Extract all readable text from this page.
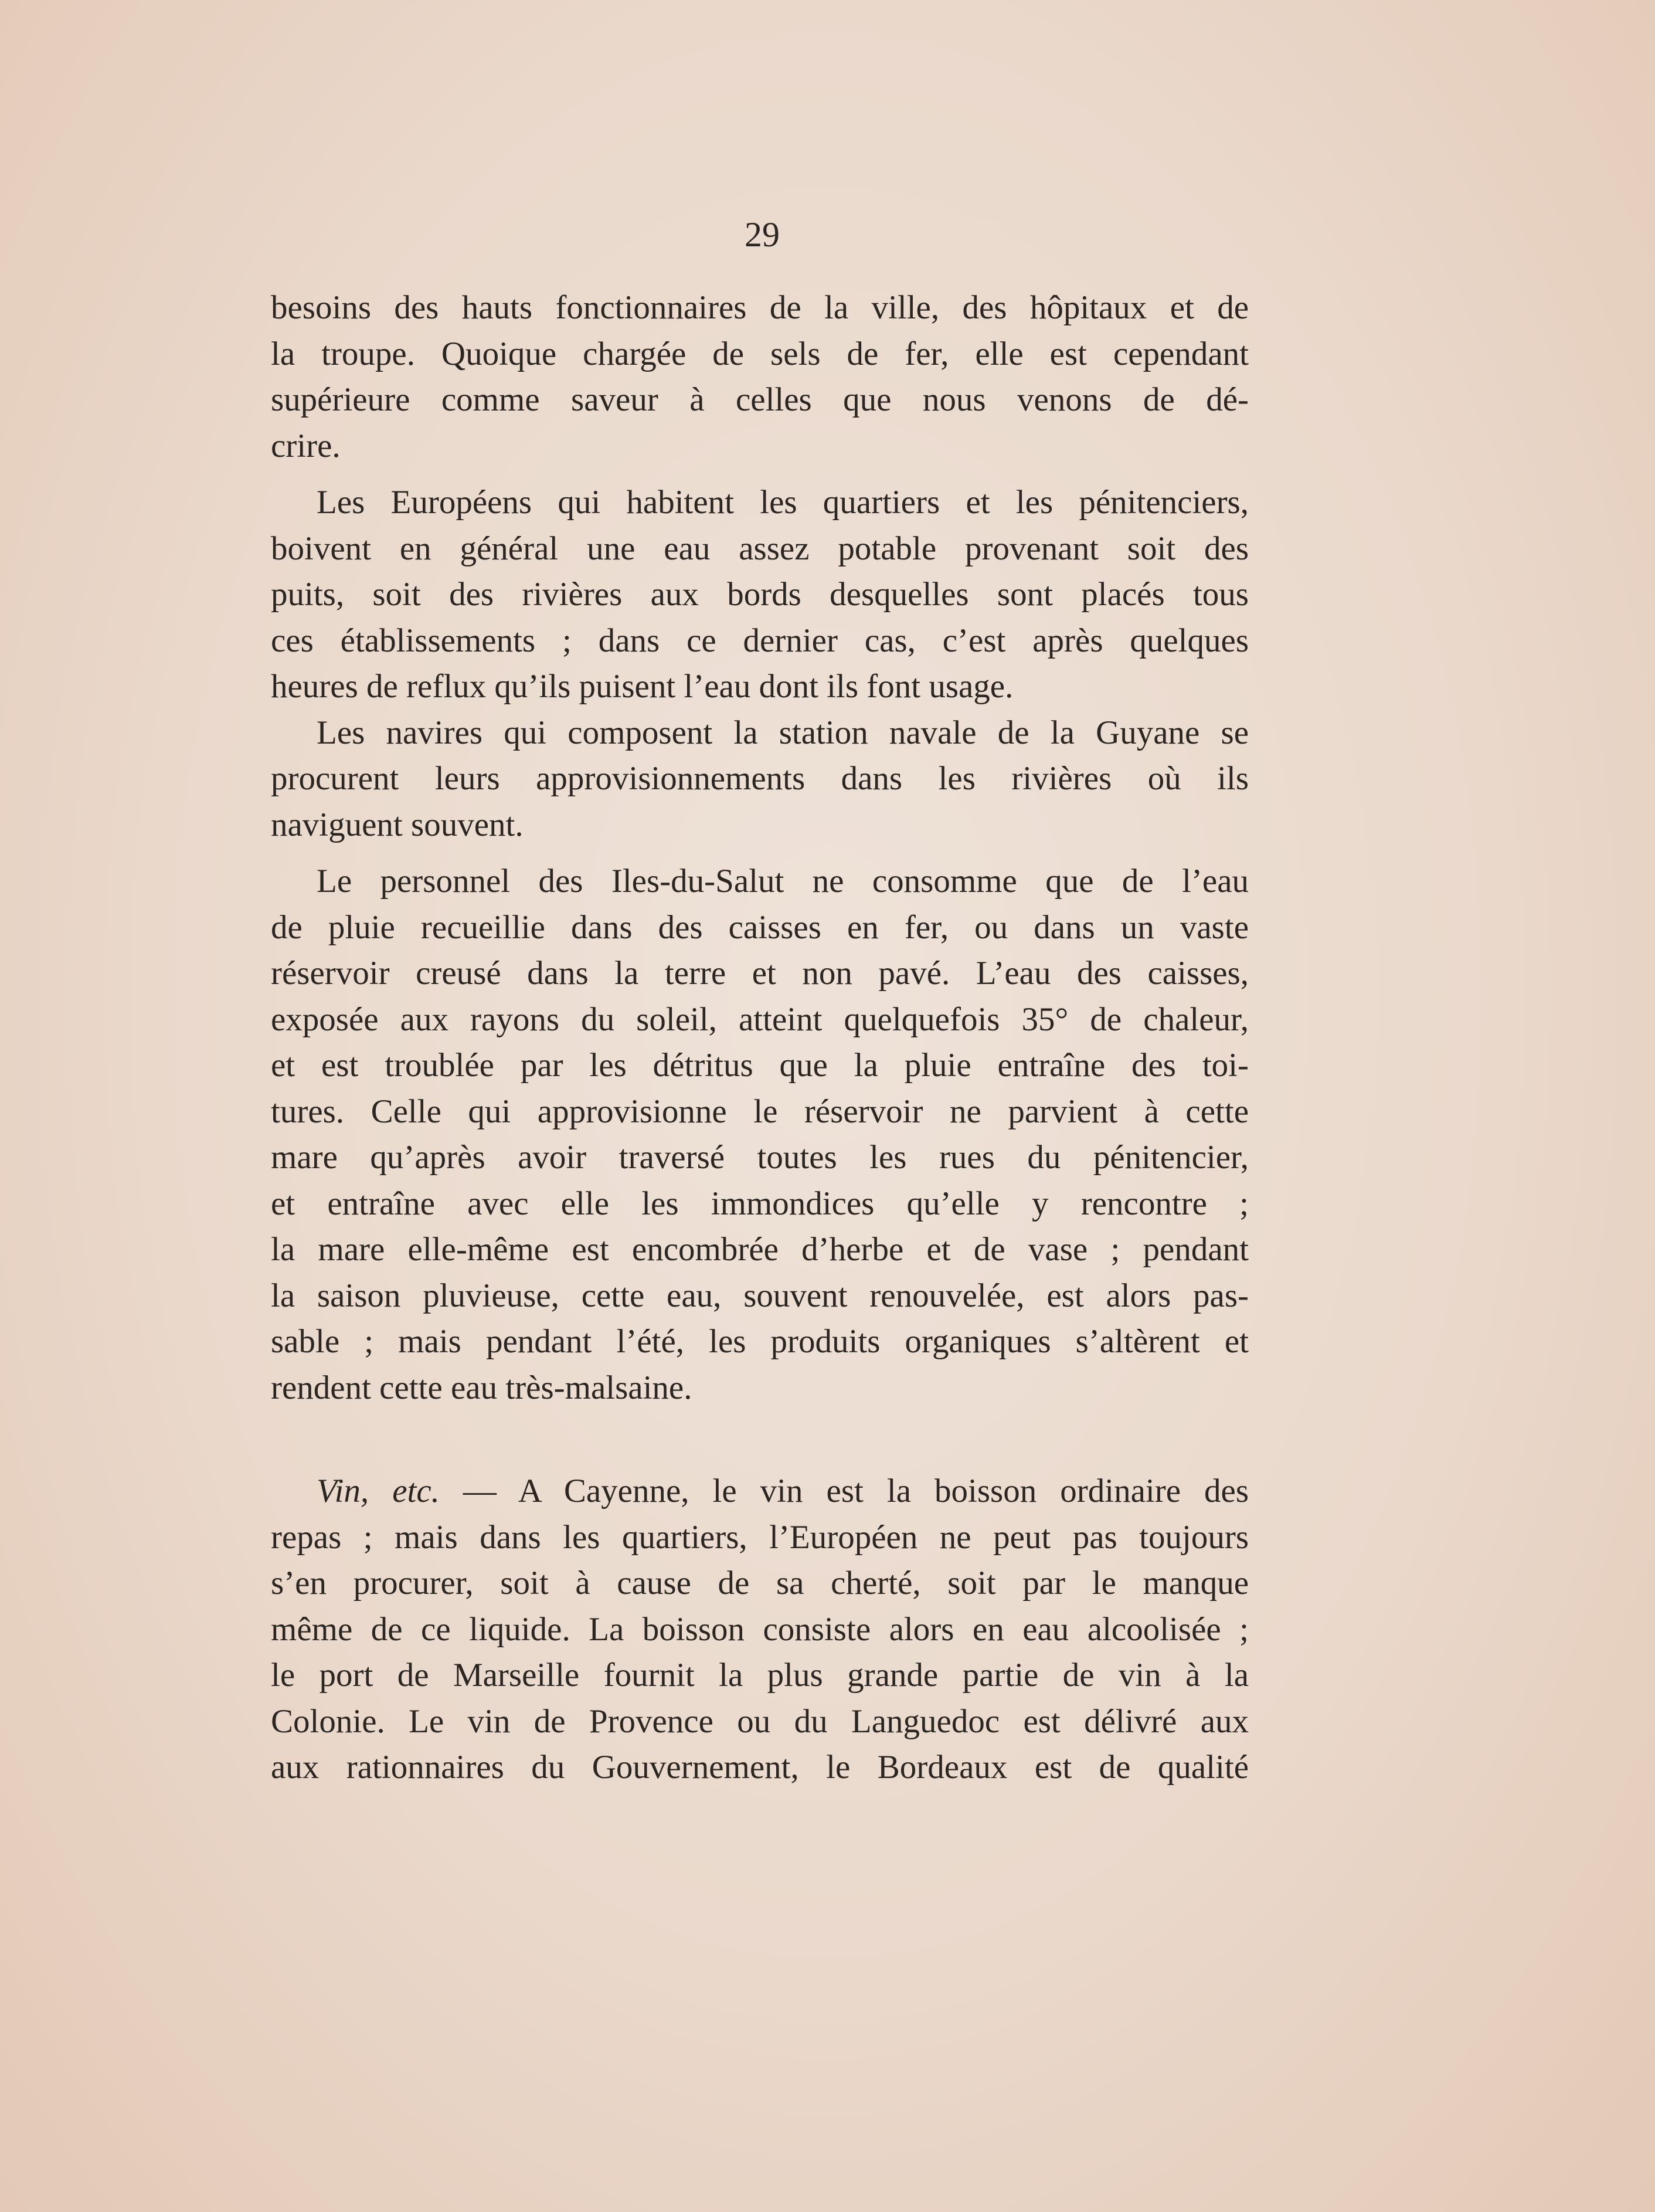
29
besoins des hauts fonctionnaires de la ville, des hôpitaux et de
la troupe. Quoique chargée de sels de fer, elle est cependant
supérieure comme saveur à celles que nous venons de dé-
crire.
Les Européens qui habitent les quartiers et les pénitenciers,
boivent en général une eau assez potable provenant soit des
puits, soit des rivières aux bords desquelles sont placés tous
ces établissements ; dans ce dernier cas, c’est après quelques
heures de reflux qu’ils puisent l’eau dont ils font usage.
Les navires qui composent la station navale de la Guyane se
procurent leurs approvisionnements dans les rivières où ils
naviguent souvent.
Le personnel des Iles-du-Salut ne consomme que de l’eau
de pluie recueillie dans des caisses en fer, ou dans un vaste
réservoir creusé dans la terre et non pavé. L’eau des caisses,
exposée aux rayons du soleil, atteint quelquefois 35° de chaleur,
et est troublée par les détritus que la pluie entraîne des toi-
tures. Celle qui approvisionne le réservoir ne parvient à cette
mare qu’après avoir traversé toutes les rues du pénitencier,
et entraîne avec elle les immondices qu’elle y rencontre ;
la mare elle-même est encombrée d’herbe et de vase ; pendant
la saison pluvieuse, cette eau, souvent renouvelée, est alors pas-
sable ; mais pendant l’été, les produits organiques s’altèrent et
rendent cette eau très-malsaine.
Vin, etc. — A Cayenne, le vin est la boisson ordinaire des
repas ; mais dans les quartiers, l’Européen ne peut pas toujours
s’en procurer, soit à cause de sa cherté, soit par le manque
même de ce liquide. La boisson consiste alors en eau alcoolisée ;
le port de Marseille fournit la plus grande partie de vin à la
Colonie. Le vin de Provence ou du Languedoc est délivré aux
aux rationnaires du Gouvernement, le Bordeaux est de qualité
